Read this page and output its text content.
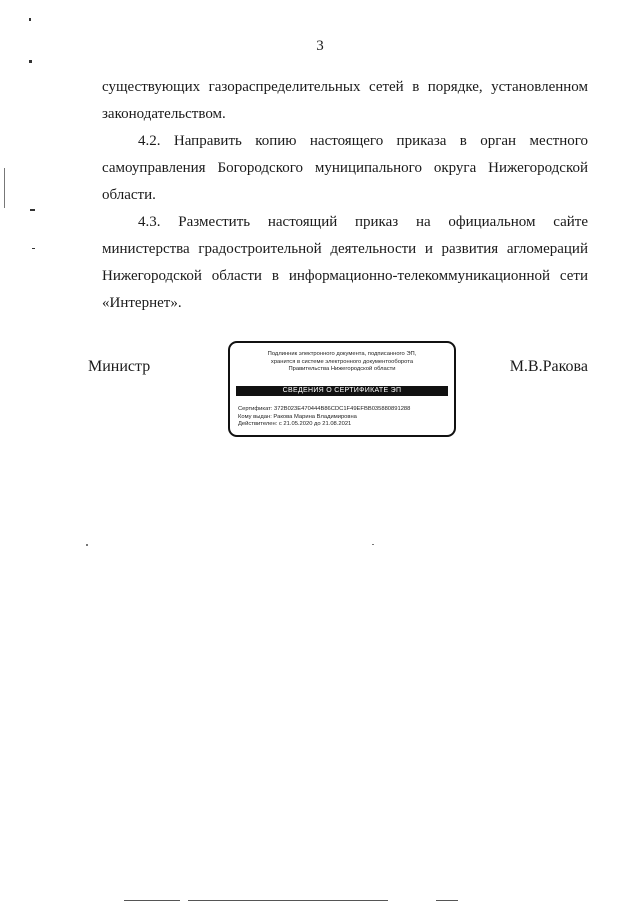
3

существующих газораспределительных сетей в порядке, установленном законодательством.

4.2. Направить копию настоящего приказа в орган местного самоуправления Богородского муниципального округа Нижегородской области.

4.3. Разместить настоящий приказ на официальном сайте министерства градостроительной деятельности и развития агломераций Нижегородской области в информационно-телекоммуникационной сети «Интернет».

Министр
Подлинник электронного документа, подписанного ЭП,
хранится в системе электронного документооборота
Правительства Нижегородской области
СВЕДЕНИЯ О СЕРТИФИКАТЕ ЭП
Сертификат: 372B023E470444B86CDC1F49EFBB035880891288
Кому выдан: Ракова Марина Владимировна
Действителен: с 21.05.2020 до 21.08.2021
М.В.Ракова
